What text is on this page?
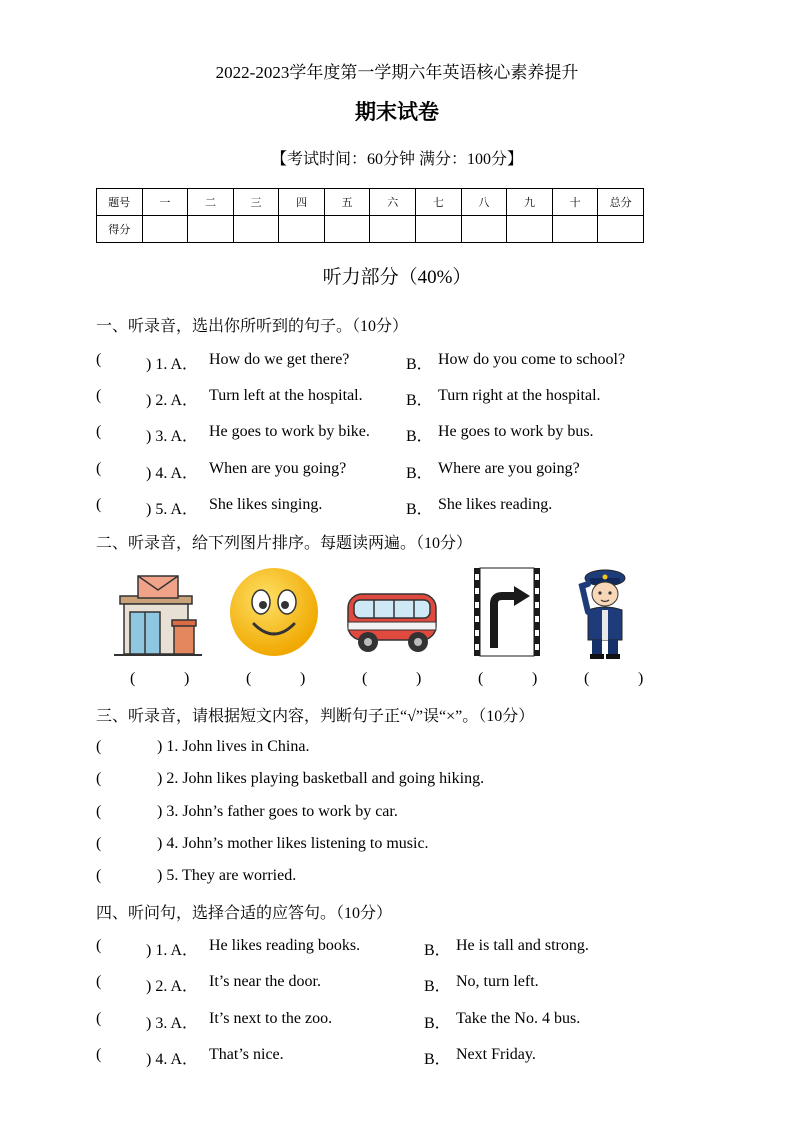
2022-2023学年度第一学期六年英语核心素养提升
期末试卷
【考试时间：60分钟 满分：100分】
题号	一	二	三	四	五	六	七	八	九	十	总分
得分											
听力部分（40%）
一、听录音，选出你所听到的句子。（10分）
(	) 1. A． How do we get there?	B． How do you come to school?
(	) 2. A． Turn left at the hospital.	B． Turn right at the hospital.
(	) 3. A． He goes to work by bike. B． He goes to work by bus.
(	) 4. A． When are you going?	B． Where are you going?
(	) 5. A． She likes singing.	B． She likes reading.
二、听录音，给下列图片排序。每题读两遍。（10分）
(	)	(	)	(	)	(	)	(	)
三、听录音，请根据短文内容，判断句子正“√”误“×”。（10分）
(	) 1. John lives in China.
(	) 2. John likes playing basketball and going hiking.
(	) 3. John’s father goes to work by car.
(	) 4. John’s mother likes listening to music.
(	) 5. They are worried.
四、听问句，选择合适的应答句。（10分）
(	) 1. A． He likes reading books.	B． He is tall and strong.
(	) 2. A． It’s near the door.	B． No, turn left.
(	) 3. A． It’s next to the zoo.	B． Take the No. 4 bus.
(	) 4. A． That’s nice.	B． Next Friday.
